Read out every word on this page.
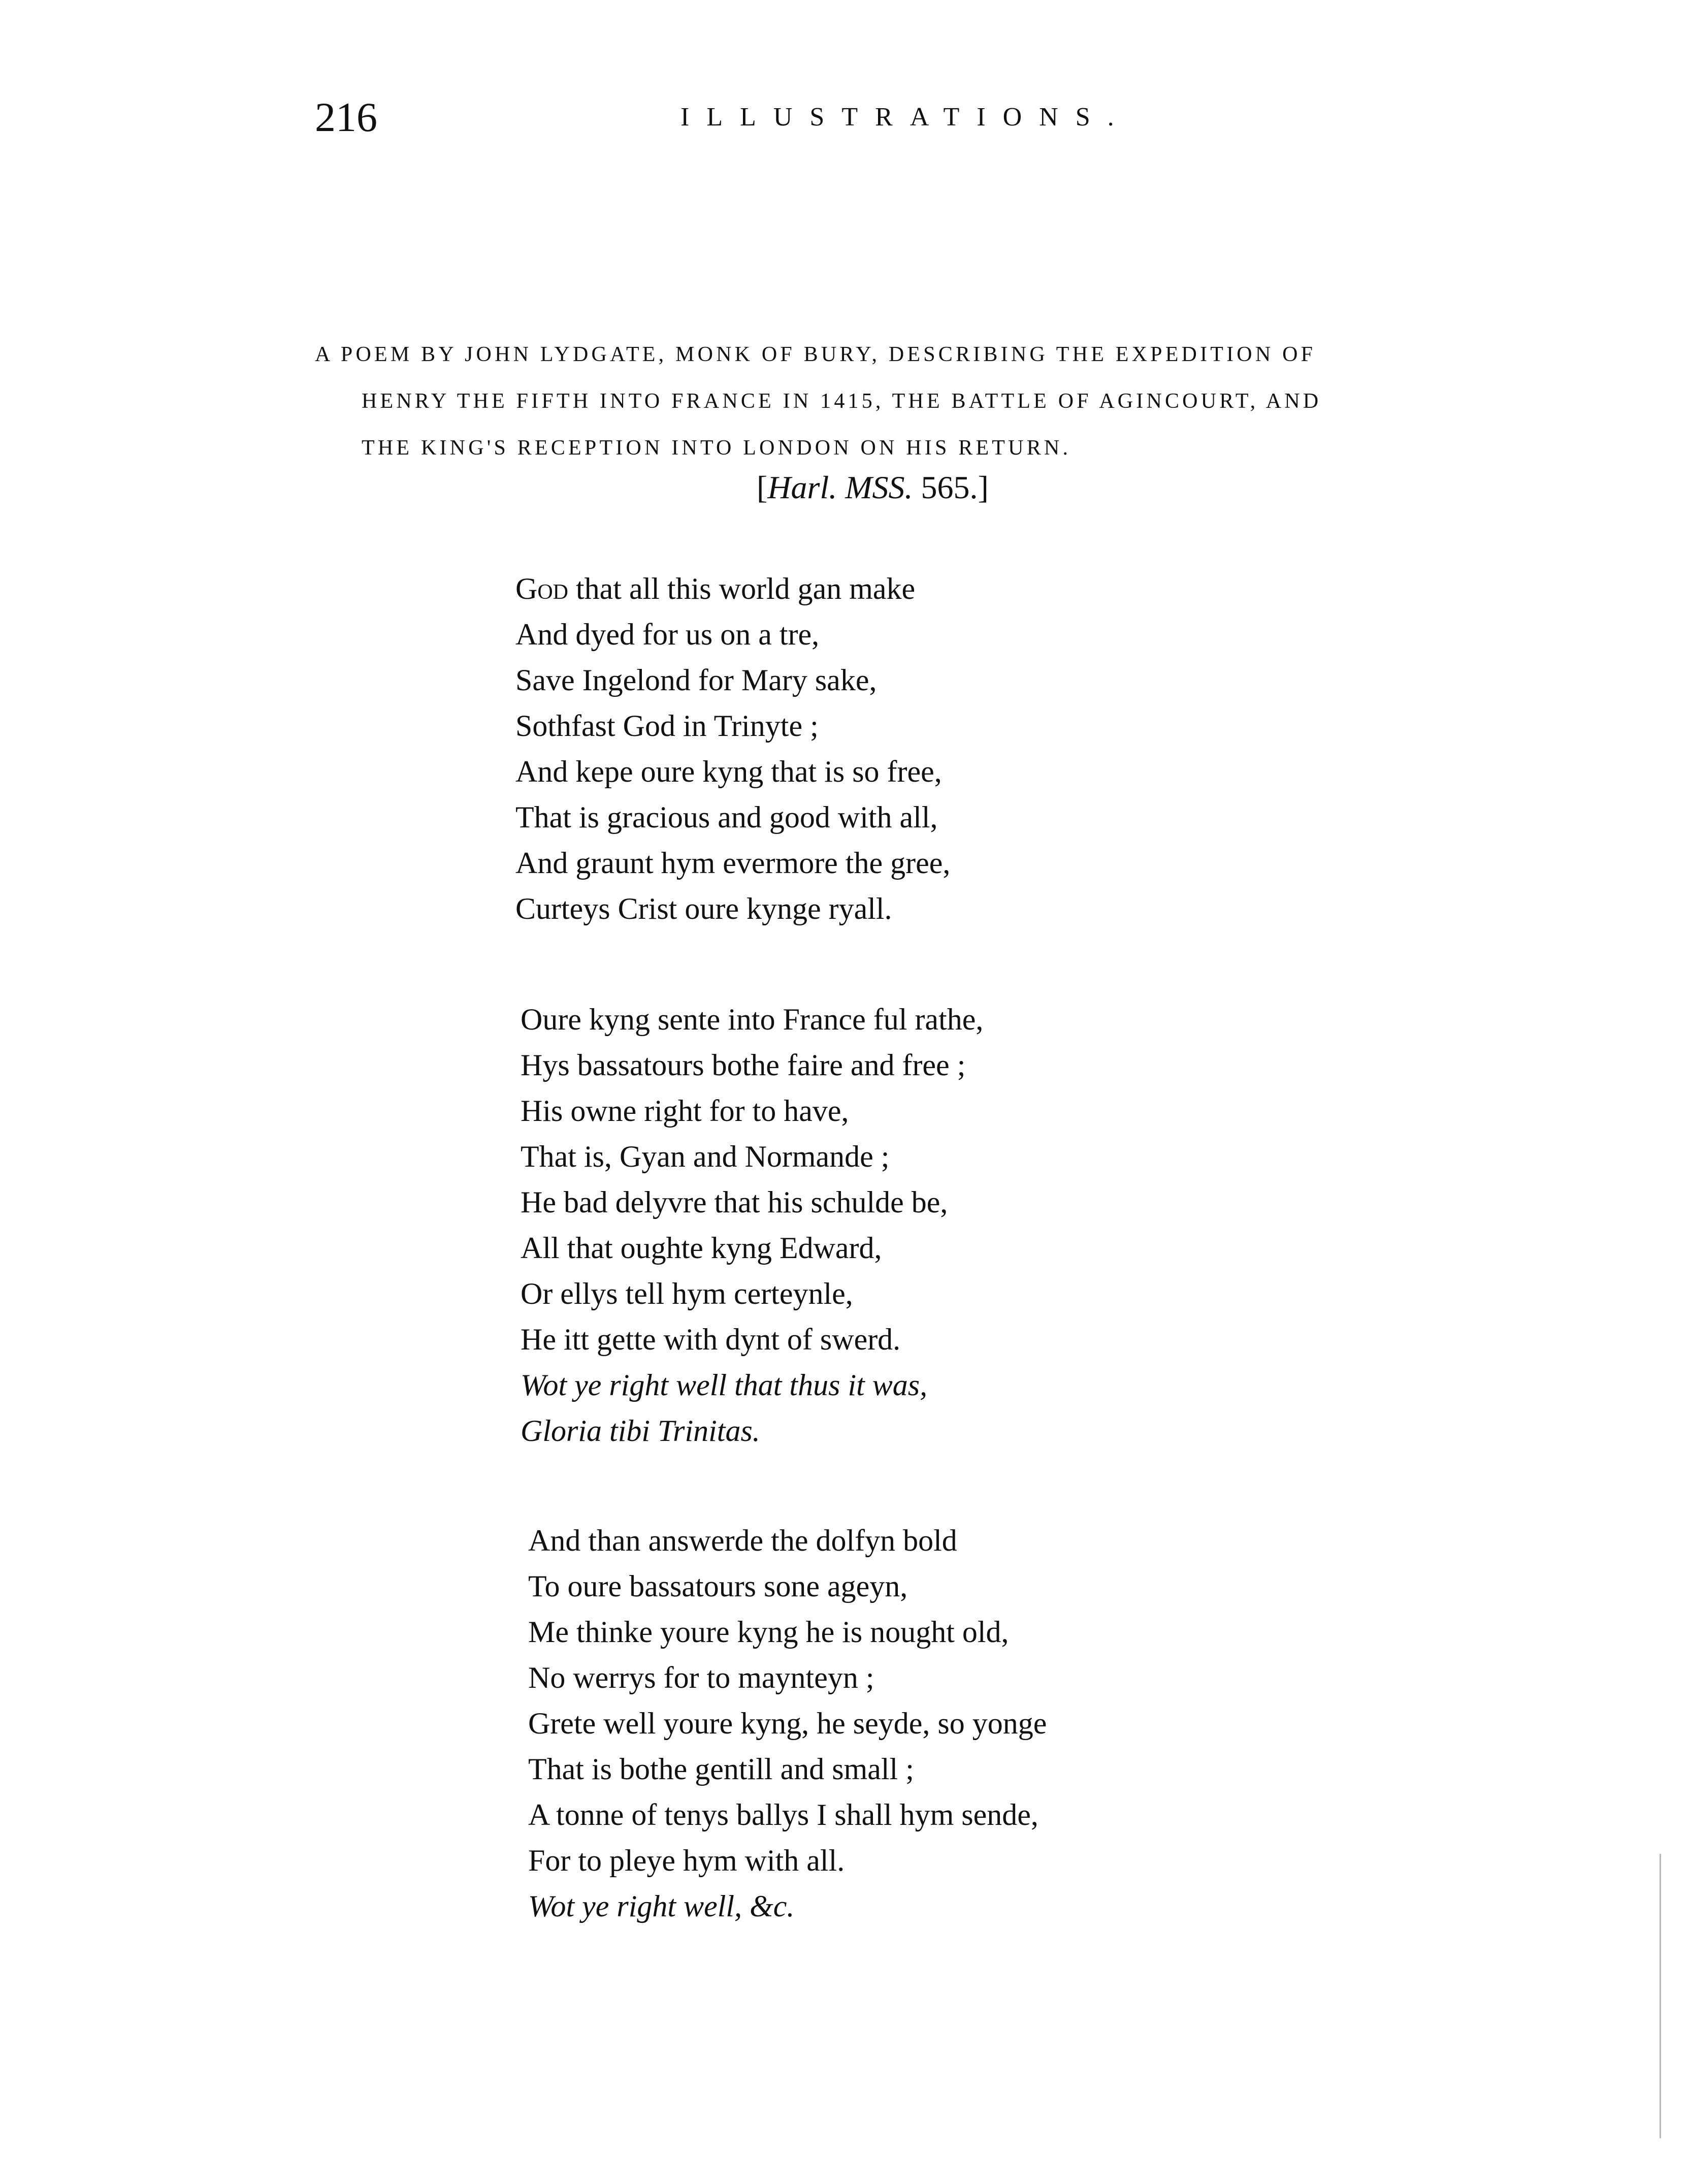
216	ILLUSTRATIONS.
A POEM BY JOHN LYDGATE, MONK OF BURY, DESCRIBING THE EXPEDITION OF
HENRY THE FIFTH INTO FRANCE IN 1415, THE BATTLE OF AGINCOURT, AND
THE KING'S RECEPTION INTO LONDON ON HIS RETURN.
[Harl. MSS. 565.]
God that all this world gan make
And dyed for us on a tre,
Save Ingelond for Mary sake,
Sothfast God in Trinyte ;
And kepe oure kyng that is so free,
That is gracious and good with all,
And graunt hym evermore the gree,
Curteys Crist oure kynge ryall.
Oure kyng sente into France ful rathe,
Hys bassatours bothe faire and free ;
His owne right for to have,
That is, Gyan and Normande ;
He bad delyvre that his schulde be,
All that oughte kyng Edward,
Or ellys tell hym certeynle,
He itt gette with dynt of swerd.
Wot ye right well that thus it was,
Gloria tibi Trinitas.
And than answerde the dolfyn bold
To oure bassatours sone ageyn,
Me thinke youre kyng he is nought old,
No werrys for to maynteyn ;
Grete well youre kyng, he seyde, so yonge
That is bothe gentill and small ;
A tonne of tenys ballys I shall hym sende,
For to pleye hym with all.
Wot ye right well, &c.
